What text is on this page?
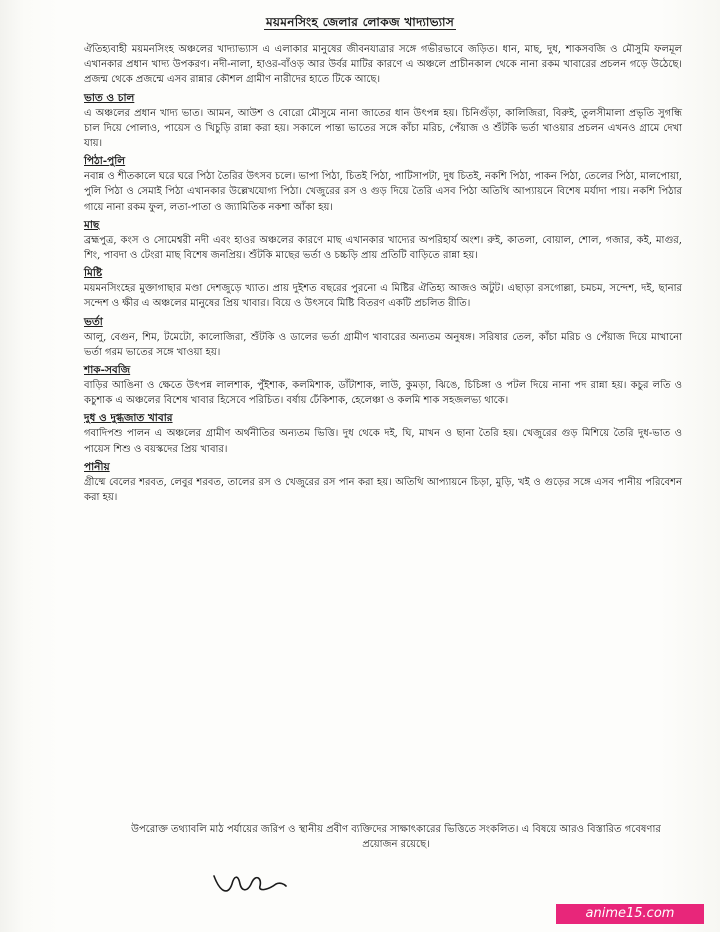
ময়মনসিংহ জেলার লোকজ খাদ্যাভ্যাস
ঐতিহ্যবাহী ময়মনসিংহ অঞ্চলের খাদ্যাভ্যাস এ এলাকার মানুষের জীবনযাত্রার সঙ্গে গভীরভাবে জড়িত। ধান, মাছ, দুধ, শাকসবজি ও মৌসুমি ফলমূল এখানকার প্রধান খাদ্য উপকরণ। নদী-নালা, হাওর-বাঁওড় আর উর্বর মাটির কারণে এ অঞ্চলে প্রাচীনকাল থেকে নানা রকম খাবারের প্রচলন গড়ে উঠেছে। প্রজন্ম থেকে প্রজন্মে এসব রান্নার কৌশল গ্রামীণ নারীদের হাতে টিকে আছে।
ভাত ও চাল
এ অঞ্চলের প্রধান খাদ্য ভাত। আমন, আউশ ও বোরো মৌসুমে নানা জাতের ধান উৎপন্ন হয়। চিনিগুঁড়া, কালিজিরা, বিরুই, তুলসীমালা প্রভৃতি সুগন্ধি চাল দিয়ে পোলাও, পায়েস ও খিচুড়ি রান্না করা হয়। সকালে পান্তা ভাতের সঙ্গে কাঁচা মরিচ, পেঁয়াজ ও শুঁটকি ভর্তা খাওয়ার প্রচলন এখনও গ্রামে দেখা যায়।
পিঠা-পুলি
নবান্ন ও শীতকালে ঘরে ঘরে পিঠা তৈরির উৎসব চলে। ভাপা পিঠা, চিতই পিঠা, পাটিসাপটা, দুধ চিতই, নকশি পিঠা, পাকন পিঠা, তেলের পিঠা, মালপোয়া, পুলি পিঠা ও সেমাই পিঠা এখানকার উল্লেখযোগ্য পিঠা। খেজুরের রস ও গুড় দিয়ে তৈরি এসব পিঠা অতিথি আপ্যায়নে বিশেষ মর্যাদা পায়। নকশি পিঠার গায়ে নানা রকম ফুল, লতা-পাতা ও জ্যামিতিক নকশা আঁকা হয়।
মাছ
ব্রহ্মপুত্র, কংস ও সোমেশ্বরী নদী এবং হাওর অঞ্চলের কারণে মাছ এখানকার খাদ্যের অপরিহার্য অংশ। রুই, কাতলা, বোয়াল, শোল, গজার, কই, মাগুর, শিং, পাবদা ও টেংরা মাছ বিশেষ জনপ্রিয়। শুঁটকি মাছের ভর্তা ও চচ্চড়ি প্রায় প্রতিটি বাড়িতে রান্না হয়।
মিষ্টি
ময়মনসিংহের মুক্তাগাছার মণ্ডা দেশজুড়ে খ্যাত। প্রায় দুইশত বছরের পুরনো এ মিষ্টির ঐতিহ্য আজও অটুট। এছাড়া রসগোল্লা, চমচম, সন্দেশ, দই, ছানার সন্দেশ ও ক্ষীর এ অঞ্চলের মানুষের প্রিয় খাবার। বিয়ে ও উৎসবে মিষ্টি বিতরণ একটি প্রচলিত রীতি।
ভর্তা
আলু, বেগুন, শিম, টমেটো, কালোজিরা, শুঁটকি ও ডালের ভর্তা গ্রামীণ খাবারের অন্যতম অনুষঙ্গ। সরিষার তেল, কাঁচা মরিচ ও পেঁয়াজ দিয়ে মাখানো ভর্তা গরম ভাতের সঙ্গে খাওয়া হয়।
শাক-সবজি
বাড়ির আঙিনা ও ক্ষেতে উৎপন্ন লালশাক, পুঁইশাক, কলমিশাক, ডাঁটাশাক, লাউ, কুমড়া, ঝিঙে, চিচিঙ্গা ও পটল দিয়ে নানা পদ রান্না হয়। কচুর লতি ও কচুশাক এ অঞ্চলের বিশেষ খাবার হিসেবে পরিচিত। বর্ষায় ঢেঁকিশাক, হেলেঞ্চা ও কলমি শাক সহজলভ্য থাকে।
দুধ ও দুগ্ধজাত খাবার
গবাদিপশু পালন এ অঞ্চলের গ্রামীণ অর্থনীতির অন্যতম ভিত্তি। দুধ থেকে দই, ঘি, মাখন ও ছানা তৈরি হয়। খেজুরের গুড় মিশিয়ে তৈরি দুধ-ভাত ও পায়েস শিশু ও বয়স্কদের প্রিয় খাবার।
পানীয়
গ্রীষ্মে বেলের শরবত, লেবুর শরবত, তালের রস ও খেজুরের রস পান করা হয়। অতিথি আপ্যায়নে চিড়া, মুড়ি, খই ও গুড়ের সঙ্গে এসব পানীয় পরিবেশন করা হয়।
উপরোক্ত তথ্যাবলি মাঠ পর্যায়ের জরিপ ও স্থানীয় প্রবীণ ব্যক্তিদের সাক্ষাৎকারের ভিত্তিতে সংকলিত। এ বিষয়ে আরও বিস্তারিত গবেষণার প্রয়োজন রয়েছে।
anime15.com
